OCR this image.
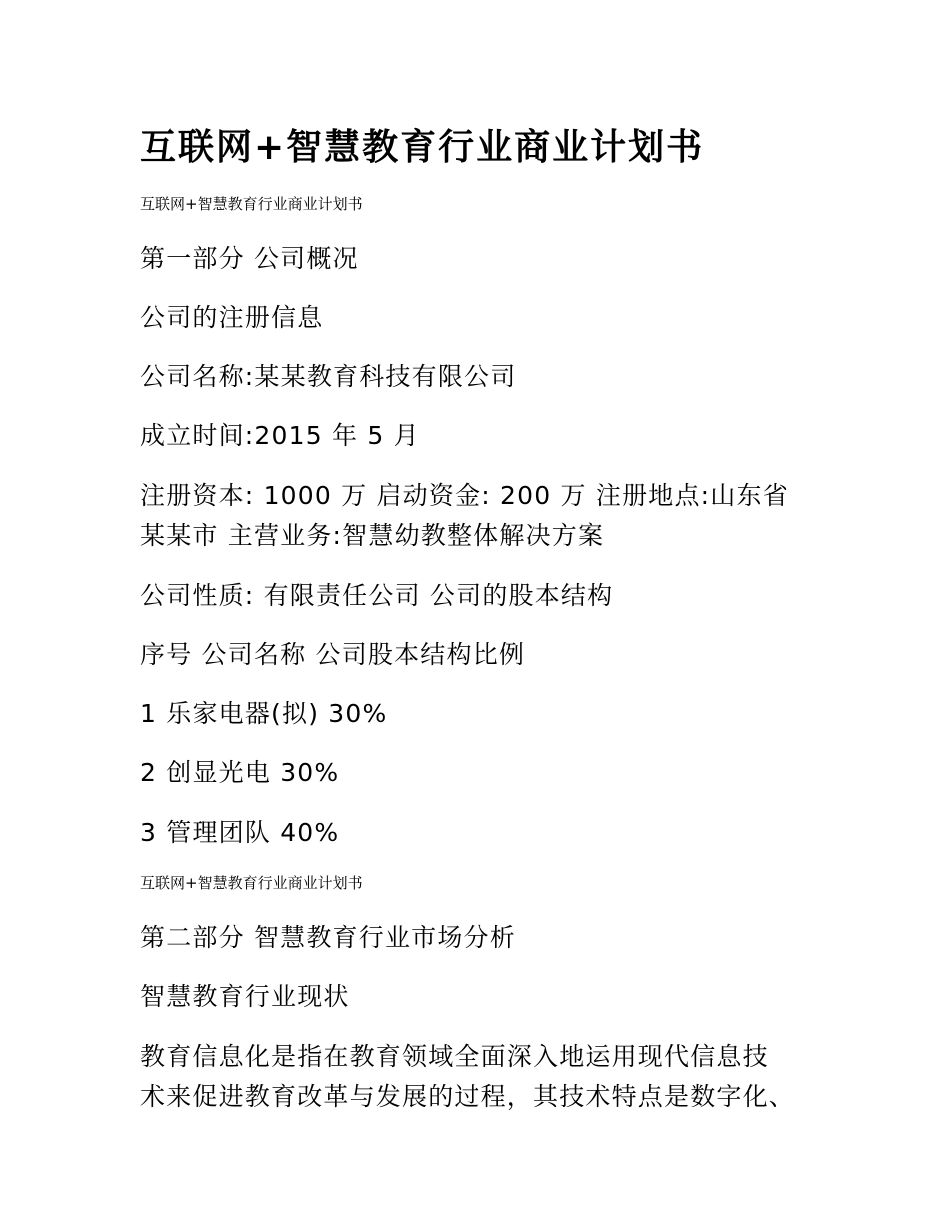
互联网+智慧教育行业商业计划书
互联网+智慧教育行业商业计划书
第一部分 公司概况
公司的注册信息
公司名称:某某教育科技有限公司
成立时间:2015 年 5 月
注册资本: 1000 万 启动资金: 200 万 注册地点:山东省
某某市 主营业务:智慧幼教整体解决方案
公司性质: 有限责任公司 公司的股本结构
序号 公司名称 公司股本结构比例
1 乐家电器(拟) 30%
2 创显光电 30%
3 管理团队 40%
互联网+智慧教育行业商业计划书
第二部分 智慧教育行业市场分析
智慧教育行业现状
教育信息化是指在教育领域全面深入地运用现代信息技
术来促进教育改革与发展的过程，其技术特点是数字化、
